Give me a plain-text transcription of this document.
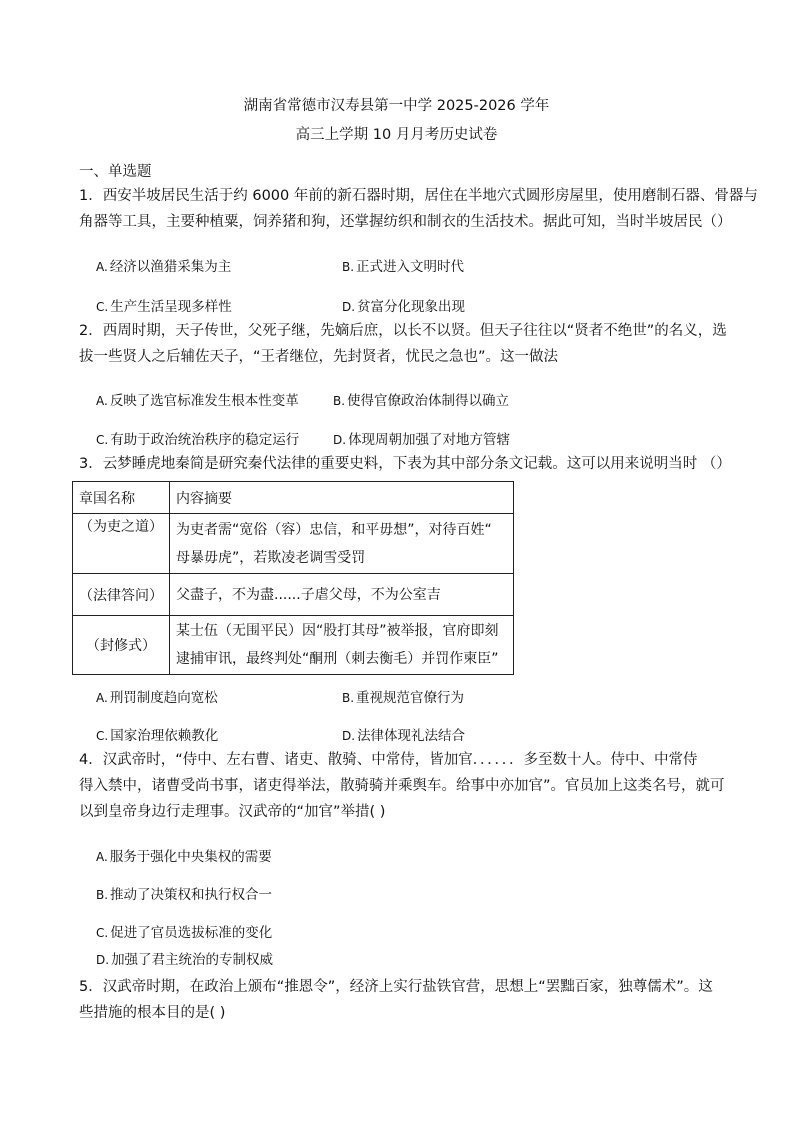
湖南省常德市汉寿县第一中学 2025-2026 学年
高三上学期 10 月月考历史试卷
一、单选题
1．西安半坡居民生活于约 6000 年前的新石器时期，居住在半地穴式圆形房屋里，使用磨制石器、骨器与
角器等工具，主要种植粟，饲养猪和狗，还掌握纺织和制衣的生活技术。据此可知，当时半坡居民（）
A. 经济以渔猎采集为主	B. 正式进入文明时代
C. 生产生活呈现多样性	D. 贫富分化现象出现
2．西周时期，天子传世，父死子继，先嫡后庶，以长不以贤。但天子往往以“贤者不绝世”的名义，选
拔一些贤人之后辅佐天子，“王者继位，先封贤者，忧民之急也”。这一做法
A. 反映了选官标准发生根本性变革	B. 使得官僚政治体制得以确立
C. 有助于政治统治秩序的稳定运行	D. 体现周朝加强了对地方管辖
3．云梦睡虎地秦简是研究秦代法律的重要史料，下表为其中部分条文记载。这可以用来说明当时 （）
章国名称	内容摘要
（为吏之道）	为吏者需“宽俗（容）忠信，和平毋想”，对待百姓“
母暴毋虎”，若欺凌老调雪受罚

（法律答问）	父盡子，不为盡......子虐父母，不为公室吉

（封修式）	某士伍（无围平民）因“股打其母”被举报，官府即刻
逮捕审讯，最终判处“酮刑（刺去衡毛）并罚作柬臣”
A. 刑罚制度趋向宽松	B. 重视规范官僚行为
C. 国家治理依赖教化	D. 法律体现礼法结合
4．汉武帝时，“侍中、左右曹、诸吏、散骑、中常侍，皆加官．．．．．．多至数十人。侍中、中常侍
得入禁中，诸曹受尚书事，诸吏得举法，散骑骑并乘舆车。给事中亦加官”。官员加上这类名号，就可
以到皇帝身边行走理事。汉武帝的“加官”举措( )
A. 服务于强化中央集权的需要
B. 推动了决策权和执行权合一
C. 促进了官员选拔标准的变化
D. 加强了君主统治的专制权威
5．汉武帝时期，在政治上颁布“推恩令”，经济上实行盐铁官营，思想上“罢黜百家，独尊儒术”。这
些措施的根本目的是( )
